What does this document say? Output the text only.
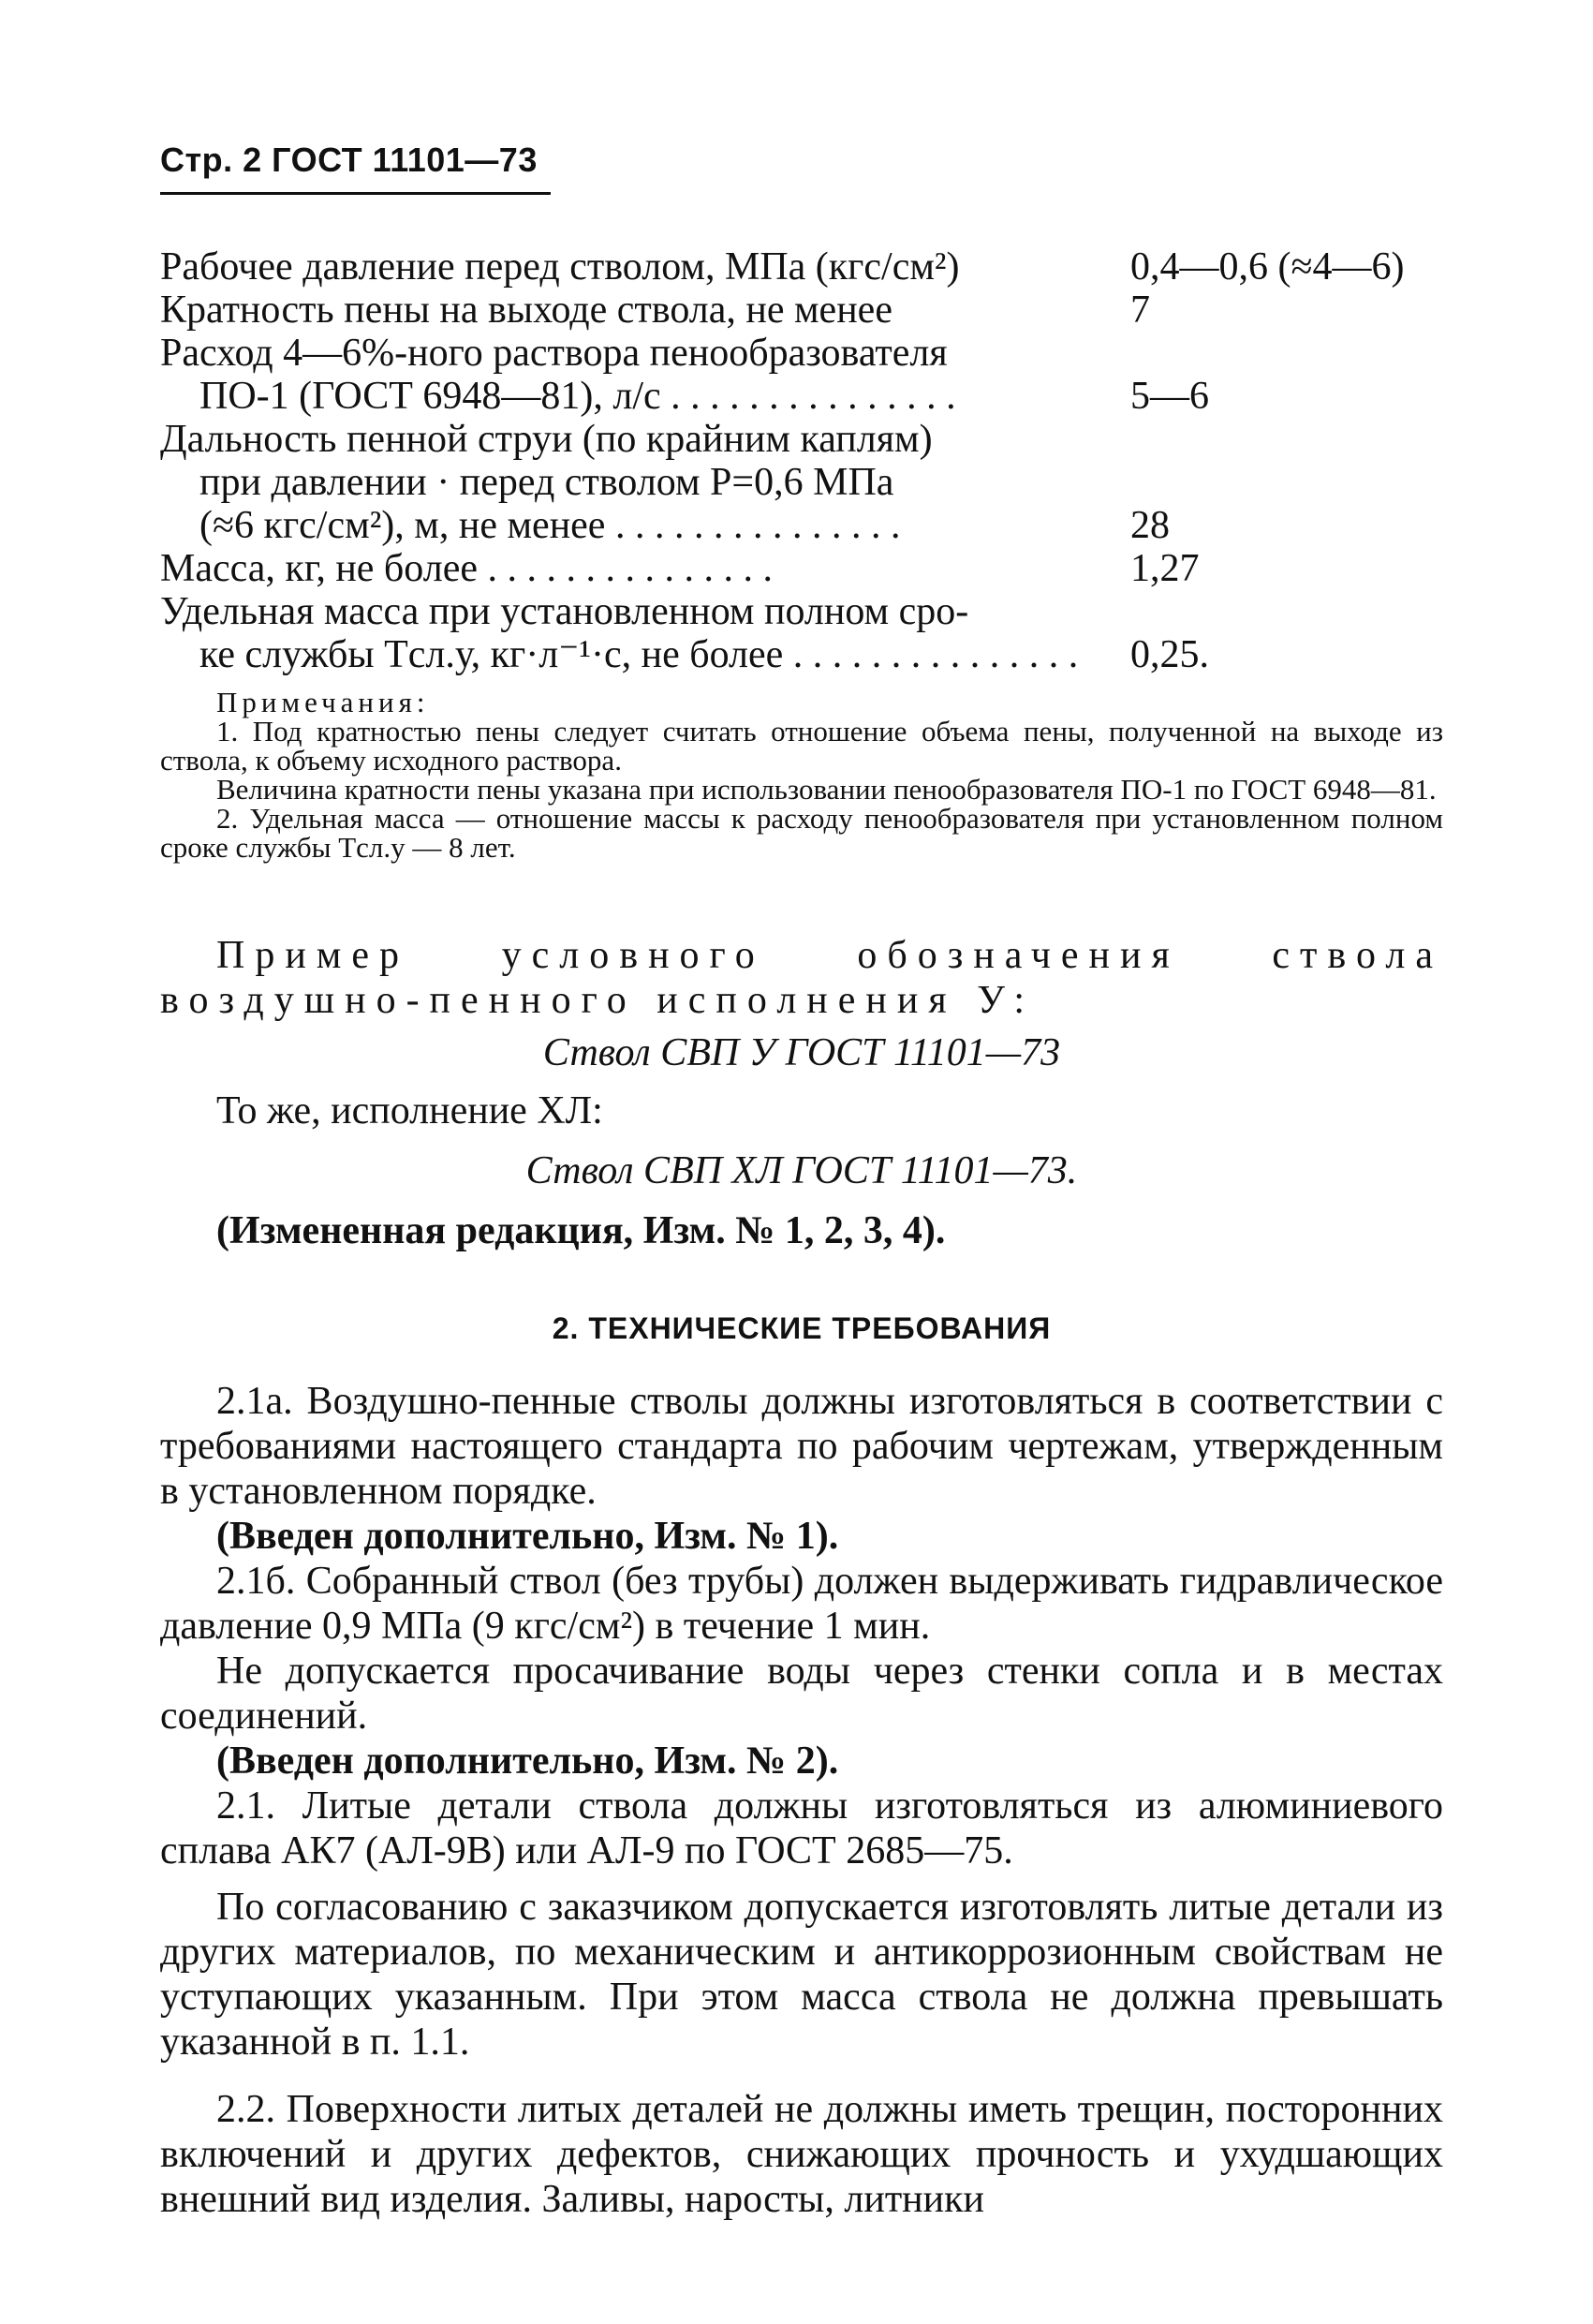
Стр. 2 ГОСТ 11101—73
Рабочее давление перед стволом, МПа (кгс/см²)	0,4—0,6 (≈4—6)
Кратность пены на выходе ствола, не менее	7
Расход 4—6%-ного раствора пенообразователя
ПО-1 (ГОСТ 6948—81), л/с . .	5—6
Дальность пенной струи (по крайним каплям)
при давлении · перед стволом P=0,6 МПа
(≈6 кгс/см²), м, не менее . .	28
Масса, кг, не более . .	1,27
Удельная масса при установленном полном сро-
ке службы Tсл.у, кг·л⁻¹·с, не более . .	0,25.
Примечания:

1. Под кратностью пены следует считать отношение объема пены, полученной на выходе из ствола, к объему исходного раствора.

Величина кратности пены указана при использовании пенообразователя ПО-1 по ГОСТ 6948—81.

2. Удельная масса — отношение массы к расходу пенообразователя при установленном полном сроке службы Tсл.у — 8 лет.

Пример условного обозначения ствола воздушно-пенного исполнения У:

Ствол СВП У ГОСТ 11101—73

То же, исполнение ХЛ:

Ствол СВП ХЛ ГОСТ 11101—73.

(Измененная редакция, Изм. № 1, 2, 3, 4).

2. ТЕХНИЧЕСКИЕ ТРЕБОВАНИЯ

2.1а. Воздушно-пенные стволы должны изготовляться в соответствии с требованиями настоящего стандарта по рабочим чертежам, утвержденным в установленном порядке.

(Введен дополнительно, Изм. № 1).

2.1б. Собранный ствол (без трубы) должен выдерживать гидравлическое давление 0,9 МПа (9 кгс/см²) в течение 1 мин.

Не допускается просачивание воды через стенки сопла и в местах соединений.

(Введен дополнительно, Изм. № 2).

2.1. Литые детали ствола должны изготовляться из алюминиевого сплава АК7 (АЛ-9В) или АЛ-9 по ГОСТ 2685—75.

По согласованию с заказчиком допускается изготовлять литые детали из других материалов, по механическим и антикоррозионным свойствам не уступающих указанным. При этом масса ствола не должна превышать указанной в п. 1.1.

2.2. Поверхности литых деталей не должны иметь трещин, посторонних включений и других дефектов, снижающих прочность и ухудшающих внешний вид изделия. Заливы, наросты, литники
